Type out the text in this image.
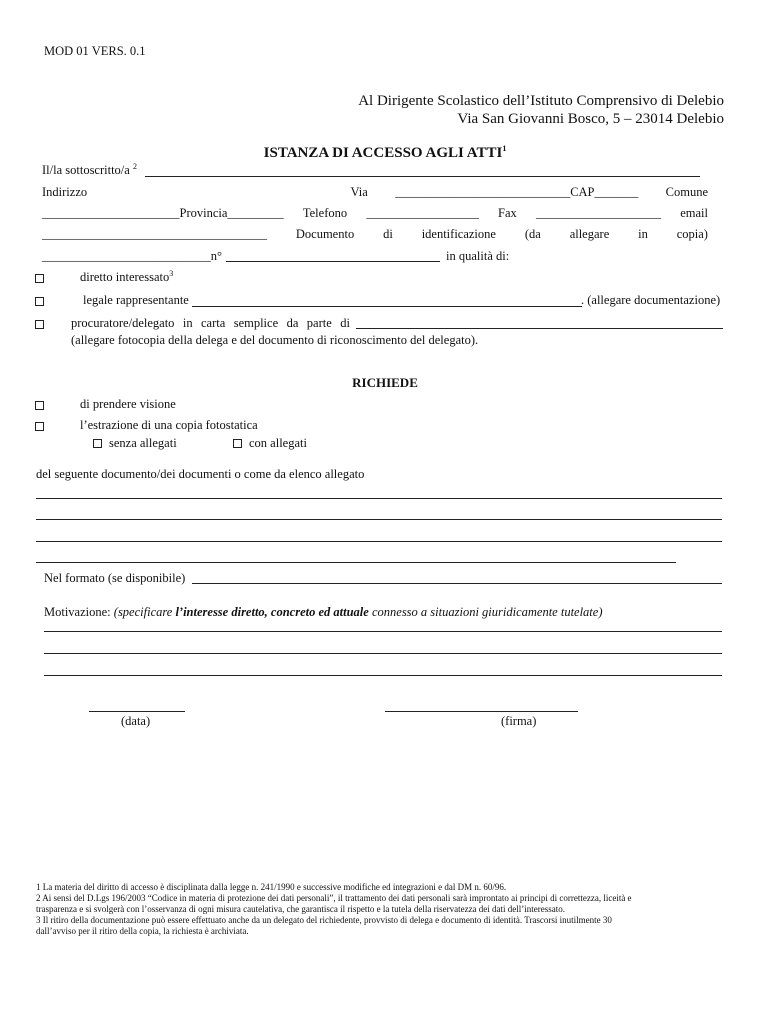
MOD 01 VERS. 0.1
Al Dirigente Scolastico dell’Istituto Comprensivo di Delebio
Via San Giovanni Bosco, 5 – 23014 Delebio
ISTANZA DI ACCESSO AGLI ATTI$^1$
Il/la sottoscritto/a $^2$
Indirizzo	Via ____________________________CAP_______ Comune
______________________Provincia_________ Telefono __________________ Fax ____________________ email
____________________________________ Documento di identificazione (da allegare in copia)
___________________________n°	in qualità di:
diretto interessato$^3$
legale rappresentante	. (allegare documentazione)
procuratore/delegato in carta semplice da parte di
(allegare fotocopia della delega e del documento di riconoscimento del delegato).
RICHIEDE
di prendere visione
l’estrazione di una copia fotostatica
senza allegati	con allegati
del seguente documento/dei documenti o come da elenco allegato
Nel formato (se disponibile)
Motivazione: (specificare l’interesse diretto, concreto ed attuale connesso a situazioni giuridicamente tutelate)
(data)	(firma)
1 La materia del diritto di accesso è disciplinata dalla legge n. 241/1990 e successive modifiche ed integrazioni e dal DM n. 60/96.
2 Ai sensi del D.Lgs 196/2003 “Codice in materia di protezione dei dati personali”, il trattamento dei dati personali sarà improntato ai principi di correttezza, liceità e
trasparenza e si svolgerà con l’osservanza di ogni misura cautelativa, che garantisca il rispetto e la tutela della riservatezza dei dati dell’interessato.
3 Il ritiro della documentazione può essere effettuato anche da un delegato del richiedente, provvisto di delega e documento di identità. Trascorsi inutilmente 30
dall’avviso per il ritiro della copia, la richiesta è archiviata.
